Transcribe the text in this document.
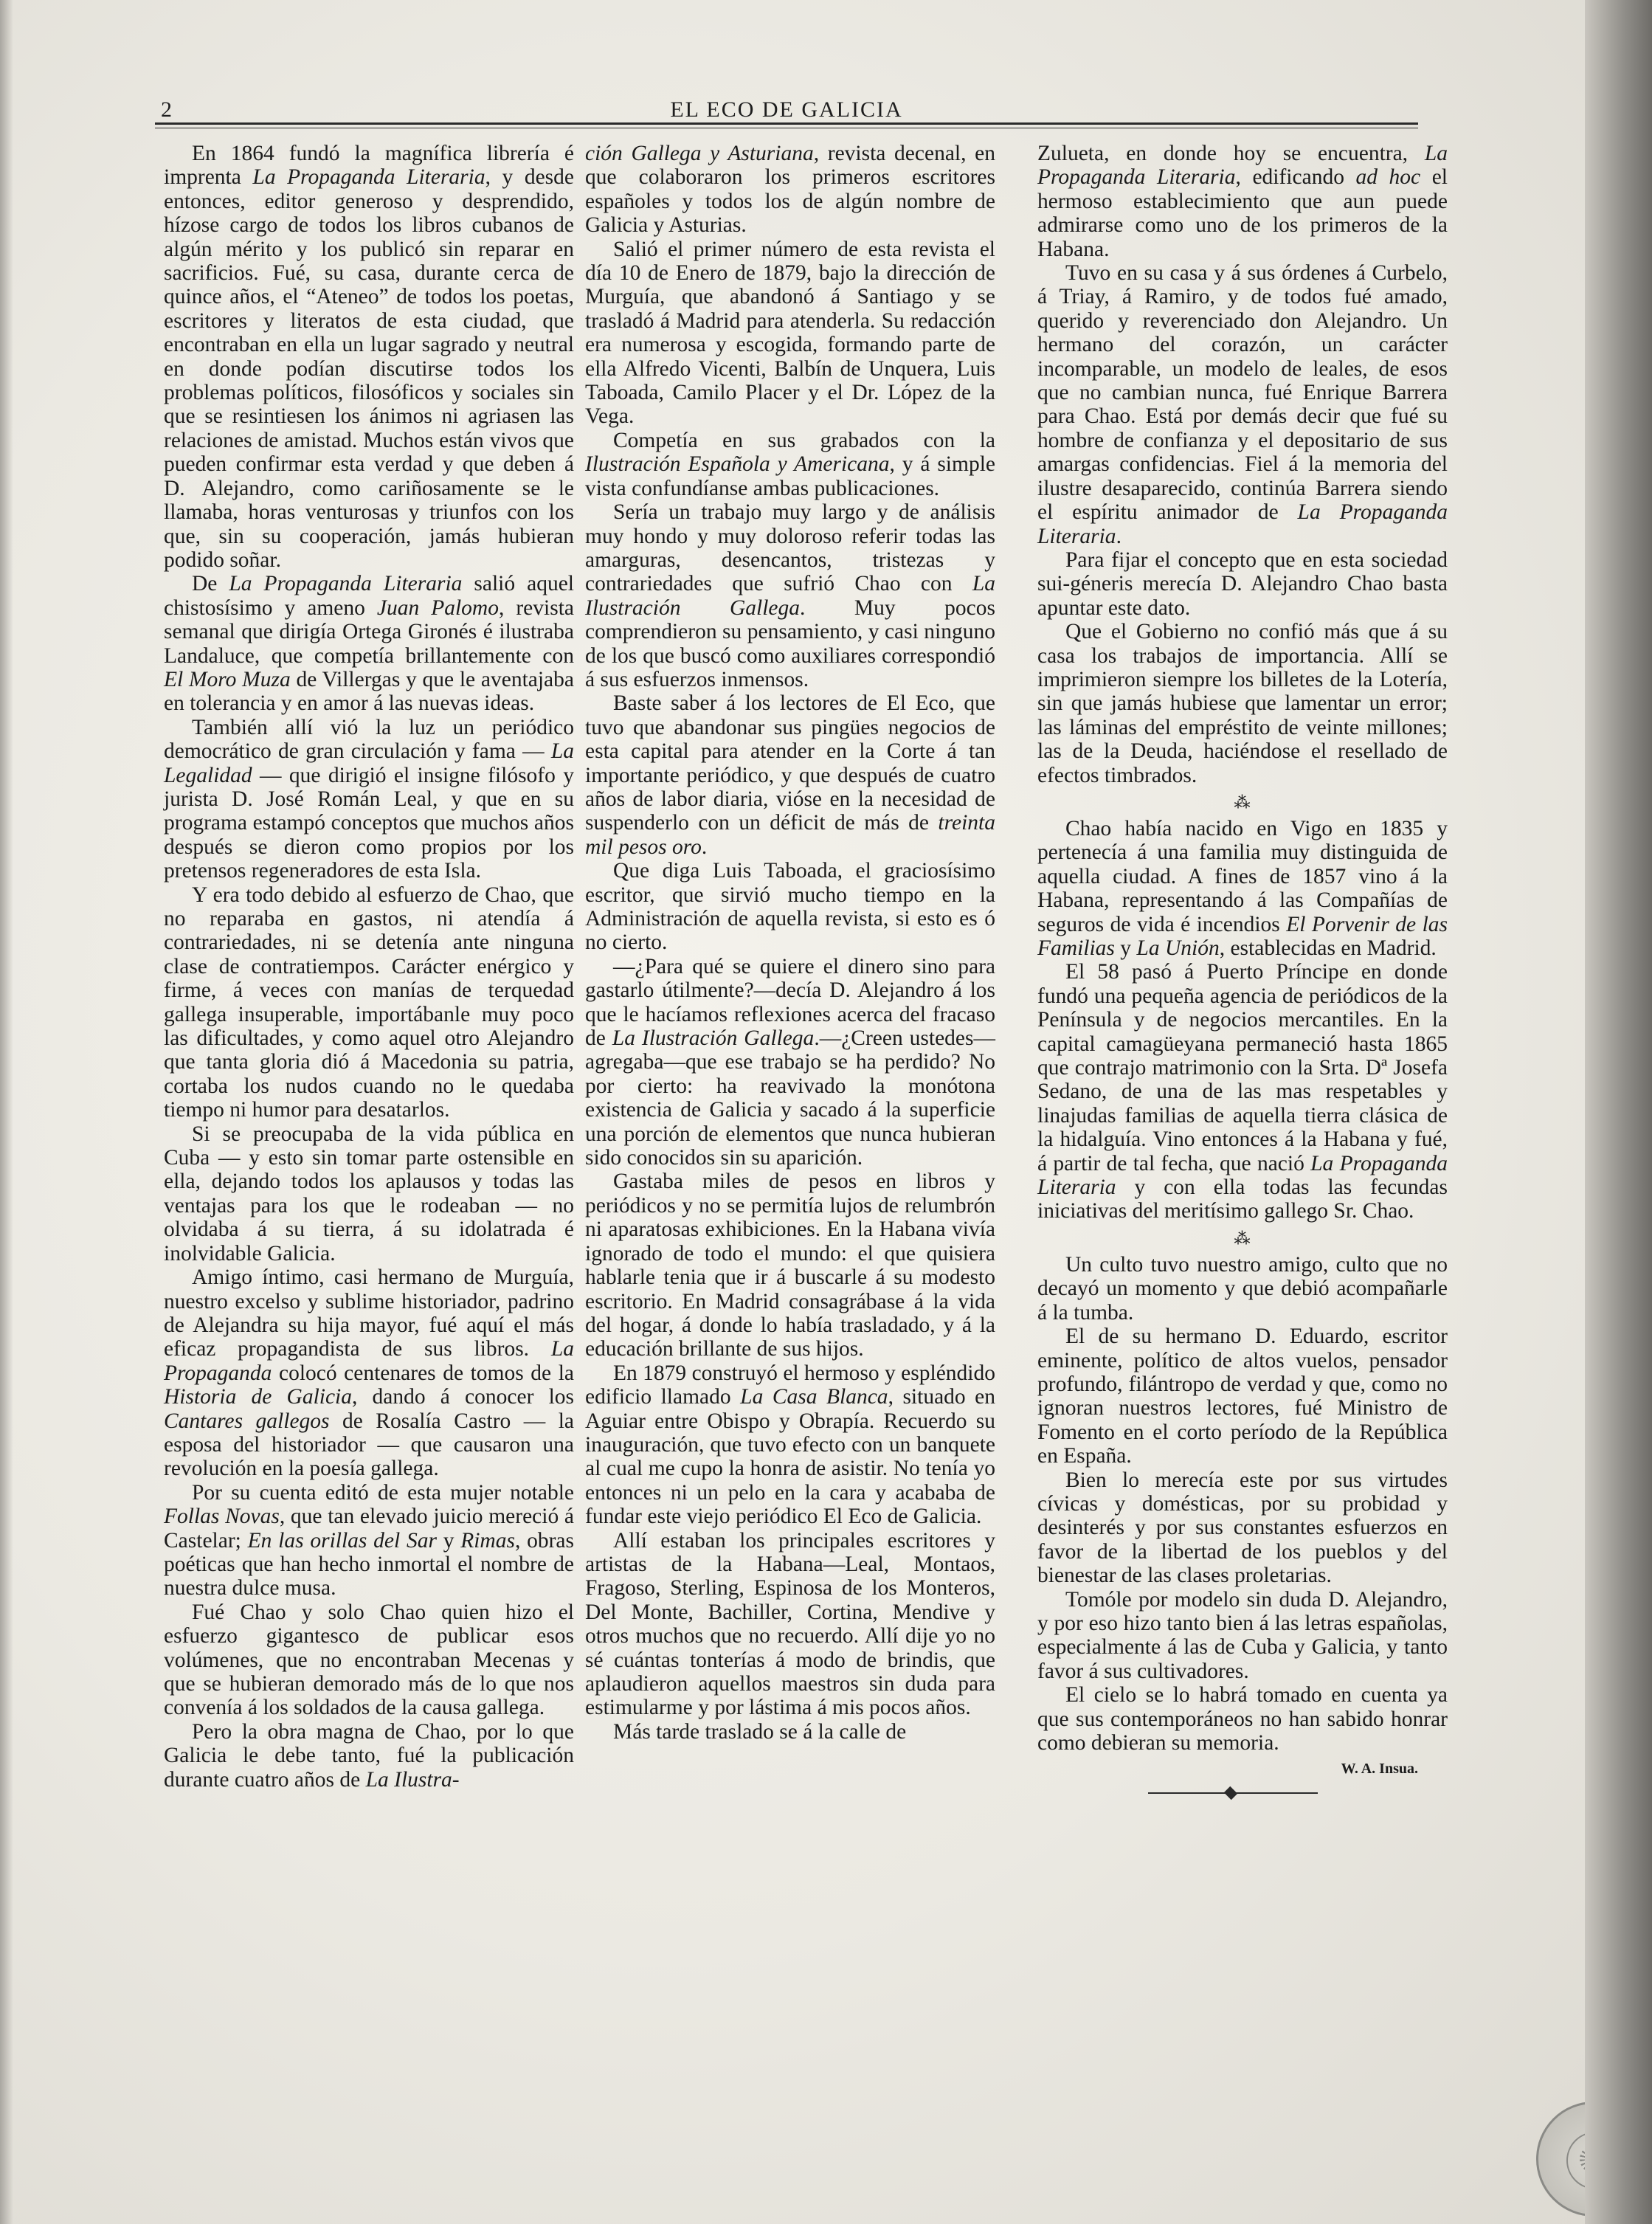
2	EL ECO DE GALICIA

En 1864 fundó la magnífica librería é imprenta La Propaganda Literaria, y desde entonces, editor generoso y desprendido, hízose cargo de todos los libros cubanos de algún mérito y los publicó sin reparar en sacrificios. Fué, su casa, durante cerca de quince años, el “Ateneo” de todos los poetas, escritores y literatos de esta ciudad, que encontraban en ella un lugar sagrado y neutral en donde podían discutirse todos los problemas políticos, filosóficos y sociales sin que se resintiesen los ánimos ni agriasen las relaciones de amistad. Muchos están vivos que pueden confirmar esta verdad y que deben á D. Alejandro, como cariñosamente se le llamaba, horas venturosas y triunfos con los que, sin su cooperación, jamás hubieran podido soñar.

De La Propaganda Literaria salió aquel chistosísimo y ameno Juan Palomo, revista semanal que dirigía Ortega Gironés é ilustraba Landaluce, que competía brillantemente con El Moro Muza de Villergas y que le aventajaba en tolerancia y en amor á las nuevas ideas.

También allí vió la luz un periódico democrático de gran circulación y fama — La Legalidad — que dirigió el insigne filósofo y jurista D. José Román Leal, y que en su programa estampó conceptos que muchos años después se dieron como propios por los pretensos regeneradores de esta Isla.

Y era todo debido al esfuerzo de Chao, que no reparaba en gastos, ni atendía á contrariedades, ni se detenía ante ninguna clase de contratiempos. Carácter enérgico y firme, á veces con manías de terquedad gallega insuperable, importábanle muy poco las dificultades, y como aquel otro Alejandro que tanta gloria dió á Macedonia su patria, cortaba los nudos cuando no le quedaba tiempo ni humor para desatarlos.

Si se preocupaba de la vida pública en Cuba — y esto sin tomar parte ostensible en ella, dejando todos los aplausos y todas las ventajas para los que le rodeaban — no olvidaba á su tierra, á su idolatrada é inolvidable Galicia.

Amigo íntimo, casi hermano de Murguía, nuestro excelso y sublime historiador, padrino de Alejandra su hija mayor, fué aquí el más eficaz propagandista de sus libros. La Propaganda colocó centenares de tomos de la Historia de Galicia, dando á conocer los Cantares gallegos de Rosalía Castro — la esposa del historiador — que causaron una revolución en la poesía gallega.

Por su cuenta editó de esta mujer notable Follas Novas, que tan elevado juicio mereció á Castelar; En las orillas del Sar y Rimas, obras poéticas que han hecho inmortal el nombre de nuestra dulce musa.

Fué Chao y solo Chao quien hizo el esfuerzo gigantesco de publicar esos volúmenes, que no encontraban Mecenas y que se hubieran demorado más de lo que nos convenía á los soldados de la causa gallega.

Pero la obra magna de Chao, por lo que Galicia le debe tanto, fué la publicación durante cuatro años de La Ilustra-

ción Gallega y Asturiana, revista decenal, en que colaboraron los primeros escritores españoles y todos los de algún nombre de Galicia y Asturias.

Salió el primer número de esta revista el día 10 de Enero de 1879, bajo la dirección de Murguía, que abandonó á Santiago y se trasladó á Madrid para atenderla. Su redacción era numerosa y escogida, formando parte de ella Alfredo Vicenti, Balbín de Unquera, Luis Taboada, Camilo Placer y el Dr. López de la Vega.

Competía en sus grabados con la Ilustración Española y Americana, y á simple vista confundíanse ambas publicaciones.

Sería un trabajo muy largo y de análisis muy hondo y muy doloroso referir todas las amarguras, desencantos, tristezas y contrariedades que sufrió Chao con La Ilustración Gallega. Muy pocos comprendieron su pensamiento, y casi ninguno de los que buscó como auxiliares correspondió á sus esfuerzos inmensos.

Baste saber á los lectores de El Eco, que tuvo que abandonar sus pingües negocios de esta capital para atender en la Corte á tan importante periódico, y que después de cuatro años de labor diaria, vióse en la necesidad de suspenderlo con un déficit de más de treinta mil pesos oro.

Que diga Luis Taboada, el graciosísimo escritor, que sirvió mucho tiempo en la Administración de aquella revista, si esto es ó no cierto.

—¿Para qué se quiere el dinero sino para gastarlo útilmente?—decía D. Alejandro á los que le hacíamos reflexiones acerca del fracaso de La Ilustración Gallega.—¿Creen ustedes—agregaba—que ese trabajo se ha perdido? No por cierto: ha reavivado la monótona existencia de Galicia y sacado á la superficie una porción de elementos que nunca hubieran sido conocidos sin su aparición.

Gastaba miles de pesos en libros y periódicos y no se permitía lujos de relumbrón ni aparatosas exhibiciones. En la Habana vivía ignorado de todo el mundo: el que quisiera hablarle tenia que ir á buscarle á su modesto escritorio. En Madrid consagrábase á la vida del hogar, á donde lo había trasladado, y á la educación brillante de sus hijos.

En 1879 construyó el hermoso y espléndido edificio llamado La Casa Blanca, situado en Aguiar entre Obispo y Obrapía. Recuerdo su inauguración, que tuvo efecto con un banquete al cual me cupo la honra de asistir. No tenía yo entonces ni un pelo en la cara y acababa de fundar este viejo periódico El Eco de Galicia.

Allí estaban los principales escritores y artistas de la Habana—Leal, Montaos, Fragoso, Sterling, Espinosa de los Monteros, Del Monte, Bachiller, Cortina, Mendive y otros muchos que no recuerdo. Allí dije yo no sé cuántas tonterías á modo de brindis, que aplaudieron aquellos maestros sin duda para estimularme y por lástima á mis pocos años.

Más tarde traslado se á la calle de

Zulueta, en donde hoy se encuentra, La Propaganda Literaria, edificando ad hoc el hermoso establecimiento que aun puede admirarse como uno de los primeros de la Habana.

Tuvo en su casa y á sus órdenes á Curbelo, á Triay, á Ramiro, y de todos fué amado, querido y reverenciado don Alejandro. Un hermano del corazón, un carácter incomparable, un modelo de leales, de esos que no cambian nunca, fué Enrique Barrera para Chao. Está por demás decir que fué su hombre de confianza y el depositario de sus amargas confidencias. Fiel á la memoria del ilustre desaparecido, continúa Barrera siendo el espíritu animador de La Propaganda Literaria.

Para fijar el concepto que en esta sociedad sui-géneris merecía D. Alejandro Chao basta apuntar este dato.

Que el Gobierno no confió más que á su casa los trabajos de importancia. Allí se imprimieron siempre los billetes de la Lotería, sin que jamás hubiese que lamentar un error; las láminas del empréstito de veinte millones; las de la Deuda, haciéndose el resellado de efectos timbrados.

⁂

Chao había nacido en Vigo en 1835 y pertenecía á una familia muy distinguida de aquella ciudad. A fines de 1857 vino á la Habana, representando á las Compañías de seguros de vida é incendios El Porvenir de las Familias y La Unión, establecidas en Madrid.

El 58 pasó á Puerto Príncipe en donde fundó una pequeña agencia de periódicos de la Península y de negocios mercantiles. En la capital camagüeyana permaneció hasta 1865 que contrajo matrimonio con la Srta. Dª Josefa Sedano, de una de las mas respetables y linajudas familias de aquella tierra clásica de la hidalguía. Vino entonces á la Habana y fué, á partir de tal fecha, que nació La Propaganda Literaria y con ella todas las fecundas iniciativas del meritísimo gallego Sr. Chao.

⁂

Un culto tuvo nuestro amigo, culto que no decayó un momento y que debió acompañarle á la tumba.

El de su hermano D. Eduardo, escritor eminente, político de altos vuelos, pensador profundo, filántropo de verdad y que, como no ignoran nuestros lectores, fué Ministro de Fomento en el corto período de la República en España.

Bien lo merecía este por sus virtudes cívicas y domésticas, por su probidad y desinterés y por sus constantes esfuerzos en favor de la libertad de los pueblos y del bienestar de las clases proletarias.

Tomóle por modelo sin duda D. Alejandro, y por eso hizo tanto bien á las letras españolas, especialmente á las de Cuba y Galicia, y tanto favor á sus cultivadores.

El cielo se lo habrá tomado en cuenta ya que sus contemporáneos no han sabido honrar como debieran su memoria.

W. A. Insua.
